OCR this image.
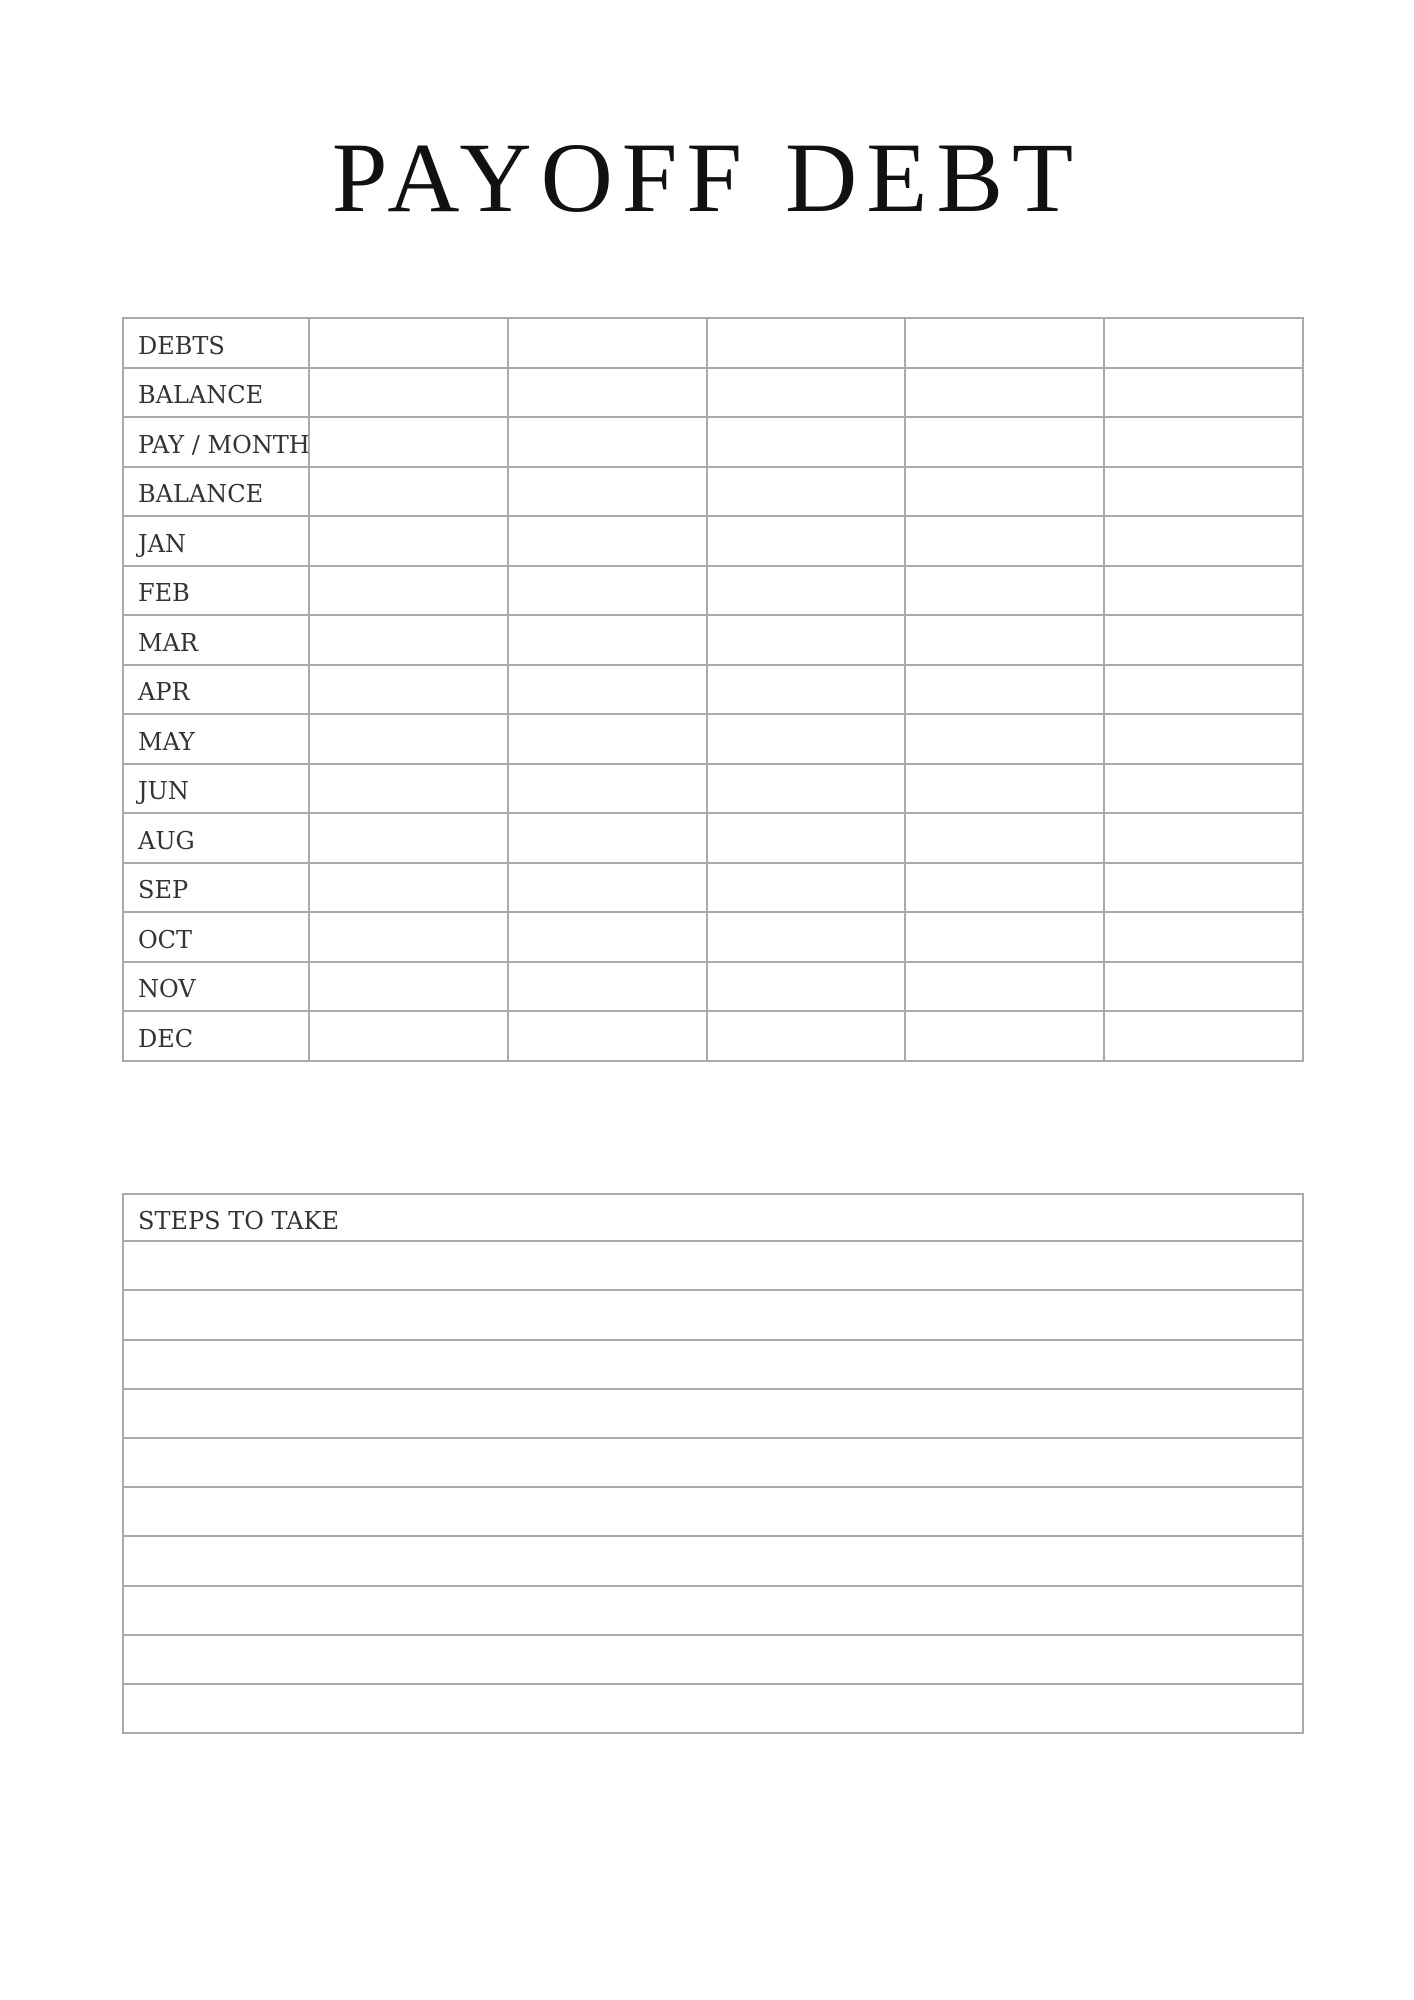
PAYOFF DEBT
DEBTS					
BALANCE					
PAY / MONTH					
BALANCE					
JAN					
FEB					
MAR					
APR					
MAY					
JUN					
AUG					
SEP					
OCT					
NOV					
DEC					
STEPS TO TAKE
